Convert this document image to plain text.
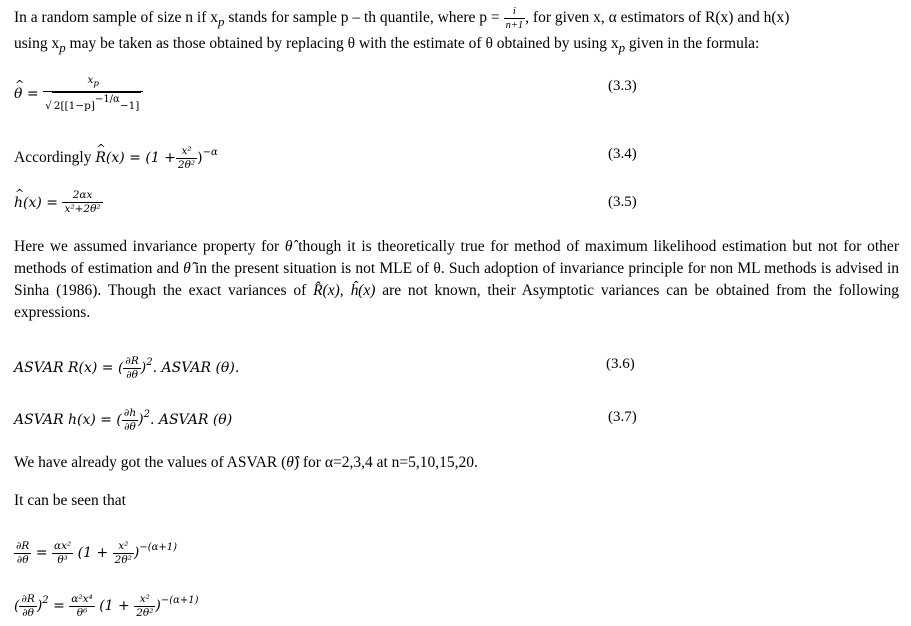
In a random sample of size n if $x_p$ stands for sample p – th quantile, where $p = \frac{i}{n+1}$ , for given x, α estimators of R(x) and h(x)
using $x_p$ may be taken as those obtained by replacing θ with the estimate of θ obtained by using $x_p$ given in the formula:
^ $\theta = \frac{x_p}{√ 2[[1-p]-1/\alpha-1]}$	(3.3)
Accordingly ^ $R(x) = (1 + \frac{\text{x²}}{\text{2θ²}} )^{-\alpha}$	(3.4)
^ $h(x) = \frac{2\alpha x}{\text{x²+2θ²}}$	(3.5)
Here we assumed invariance property for θ̂ though it is theoretically true for method of maximum likelihood estimation but not for other methods of estimation and θ̂ in the present situation is not MLE of θ. Such adoption of invariance principle for non ML methods is advised in Sinha (1986). Though the exact variances of R̂(x), ĥ(x) are not known, their Asymptotic variances can be obtained from the following expressions.
ASVAR R(x) = ( $\frac{\partial R}{\partial\theta} )^2$. ASVAR (θ).	(3.6)
ASVAR h(x) = ( $\frac{\partial h}{\partial\theta} )^2$. ASVAR (θ)	(3.7)
We have already got the values of ASVAR (θ̂) for α=2,3,4 at n=5,10,15,20.
It can be seen that
$\frac{\partial R}{\partial\theta} = \frac{\text{αx²}}{\text{θ³}} (1 + \frac{\text{x²}}{\text{2θ²}} )^{-(\alpha+1)}$
( $\frac{\partial R}{\partial\theta} )^2 = \frac{\text{α²x⁴}}{\text{θ⁶}} (1 + \frac{\text{x²}}{\text{2θ²}} )^{-(\alpha+1)}$
